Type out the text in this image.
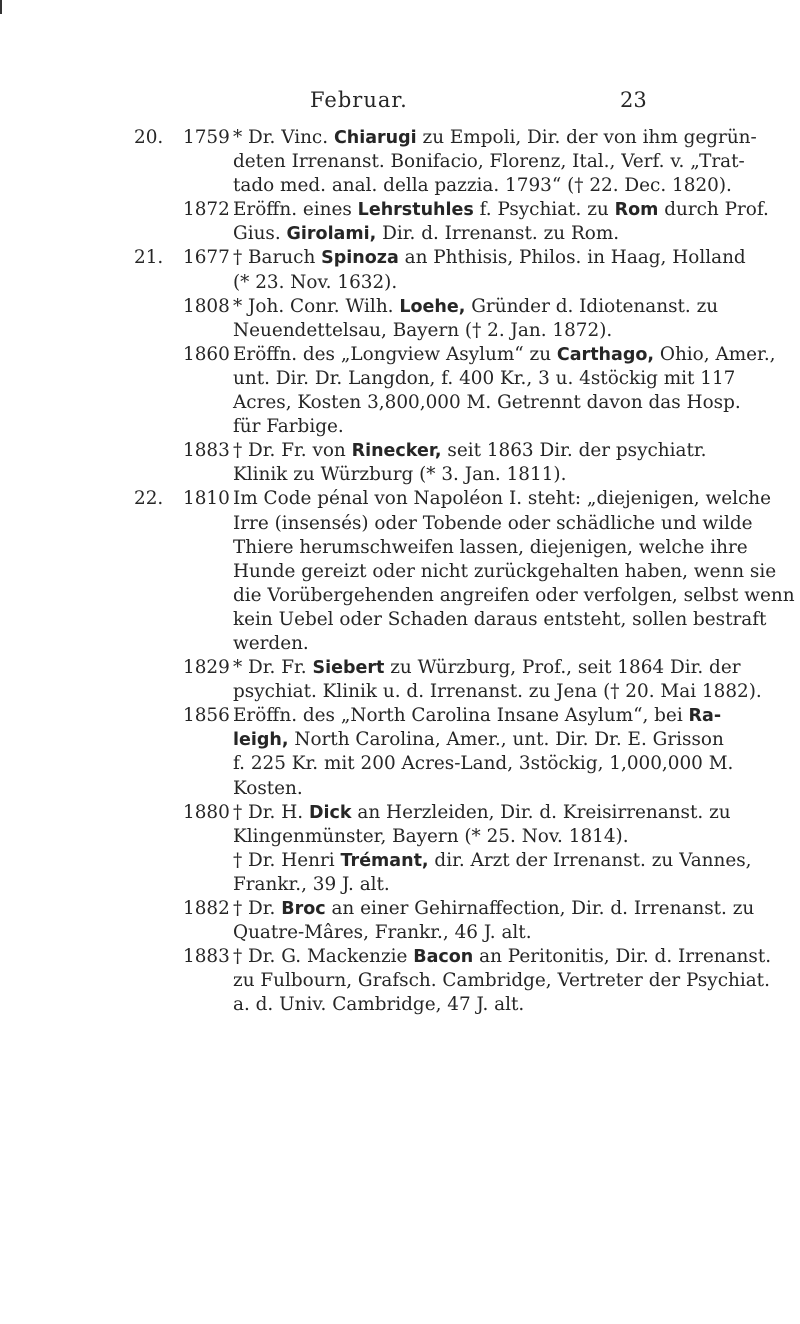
Februar.	23
20. 1759 * Dr. Vinc. Chiarugi zu Empoli, Dir. der von ihm gegrün-
deten Irrenanst. Bonifacio, Florenz, Ital., Verf. v. „Trat-
tado med. anal. della pazzia. 1793“ († 22. Dec. 1820).
1872 Eröffn. eines Lehrstuhles f. Psychiat. zu Rom durch Prof.
Gius. Girolami, Dir. d. Irrenanst. zu Rom.
21. 1677 † Baruch Spinoza an Phthisis, Philos. in Haag, Holland
(* 23. Nov. 1632).
1808 * Joh. Conr. Wilh. Loehe, Gründer d. Idiotenanst. zu
Neuendettelsau, Bayern († 2. Jan. 1872).
1860 Eröffn. des „Longview Asylum“ zu Carthago, Ohio, Amer.,
unt. Dir. Dr. Langdon, f. 400 Kr., 3 u. 4stöckig mit 117
Acres, Kosten 3,800,000 M. Getrennt davon das Hosp.
für Farbige.
1883 † Dr. Fr. von Rinecker, seit 1863 Dir. der psychiatr.
Klinik zu Würzburg (* 3. Jan. 1811).
22. 1810 Im Code pénal von Napoléon I. steht: „diejenigen, welche
Irre (insensés) oder Tobende oder schädliche und wilde
Thiere herumschweifen lassen, diejenigen, welche ihre
Hunde gereizt oder nicht zurückgehalten haben, wenn sie
die Vorübergehenden angreifen oder verfolgen, selbst wenn
kein Uebel oder Schaden daraus entsteht, sollen bestraft
werden.
1829 * Dr. Fr. Siebert zu Würzburg, Prof., seit 1864 Dir. der
psychiat. Klinik u. d. Irrenanst. zu Jena († 20. Mai 1882).
1856 Eröffn. des „North Carolina Insane Asylum“, bei Ra-
leigh, North Carolina, Amer., unt. Dir. Dr. E. Grisson
f. 225 Kr. mit 200 Acres-Land, 3stöckig, 1,000,000 M.
Kosten.
1880 † Dr. H. Dick an Herzleiden, Dir. d. Kreisirrenanst. zu
Klingenmünster, Bayern (* 25. Nov. 1814).
† Dr. Henri Trémant, dir. Arzt der Irrenanst. zu Vannes,
Frankr., 39 J. alt.
1882 † Dr. Broc an einer Gehirnaffection, Dir. d. Irrenanst. zu
Quatre-Mâres, Frankr., 46 J. alt.
1883 † Dr. G. Mackenzie Bacon an Peritonitis, Dir. d. Irrenanst.
zu Fulbourn, Grafsch. Cambridge, Vertreter der Psychiat.
a. d. Univ. Cambridge, 47 J. alt.
